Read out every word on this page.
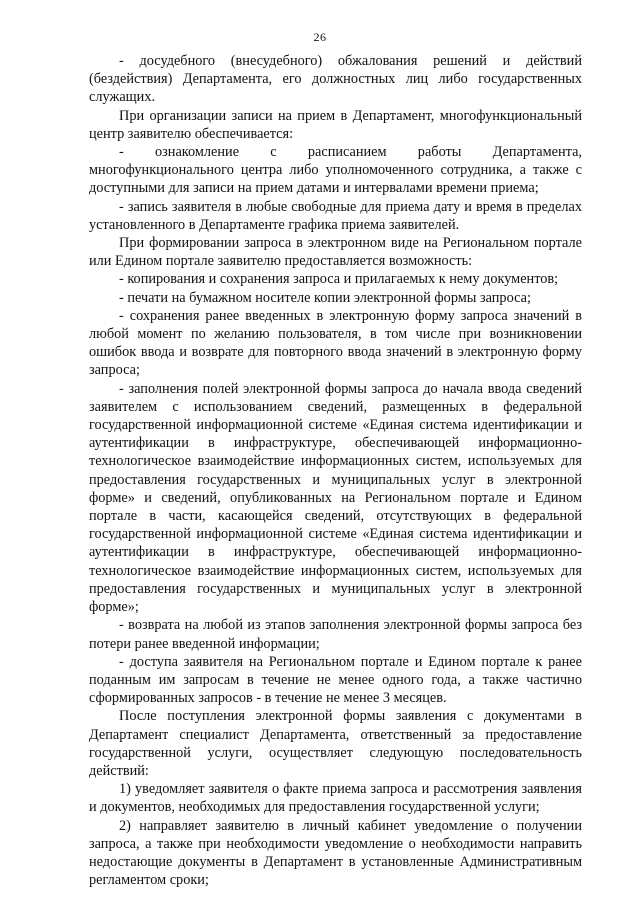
26

- досудебного (внесудебного) обжалования решений и действий (бездействия) Департамента, его должностных лиц либо государственных служащих.

При организации записи на прием в Департамент, многофункциональный центр заявителю обеспечивается:

- ознакомление с расписанием работы Департамента, многофункционального центра либо уполномоченного сотрудника, а также с доступными для записи на прием датами и интервалами времени приема;

- запись заявителя в любые свободные для приема дату и время в пределах установленного в Департаменте графика приема заявителей.

При формировании запроса в электронном виде на Региональном портале или Едином портале заявителю предоставляется возможность:

- копирования и сохранения запроса и прилагаемых к нему документов;

- печати на бумажном носителе копии электронной формы запроса;

- сохранения ранее введенных в электронную форму запроса значений в любой момент по желанию пользователя, в том числе при возникновении ошибок ввода и возврате для повторного ввода значений в электронную форму запроса;

- заполнения полей электронной формы запроса до начала ввода сведений заявителем с использованием сведений, размещенных в федеральной государственной информационной системе «Единая система идентификации и аутентификации в инфраструктуре, обеспечивающей информационно-технологическое взаимодействие информационных систем, используемых для предоставления государственных и муниципальных услуг в электронной форме» и сведений, опубликованных на Региональном портале и Едином портале в части, касающейся сведений, отсутствующих в федеральной государственной информационной системе «Единая система идентификации и аутентификации в инфраструктуре, обеспечивающей информационно-технологическое взаимодействие информационных систем, используемых для предоставления государственных и муниципальных услуг в электронной форме»;

- возврата на любой из этапов заполнения электронной формы запроса без потери ранее введенной информации;

- доступа заявителя на Региональном портале и Едином портале к ранее поданным им запросам в течение не менее одного года, а также частично сформированных запросов - в течение не менее 3 месяцев.

После поступления электронной формы заявления с документами в Департамент специалист Департамента, ответственный за предоставление государственной услуги, осуществляет следующую последовательность действий:

1) уведомляет заявителя о факте приема запроса и рассмотрения заявления и документов, необходимых для предоставления государственной услуги;

2) направляет заявителю в личный кабинет уведомление о получении запроса, а также при необходимости уведомление о необходимости направить недостающие документы в Департамент в установленные Административным регламентом сроки;
